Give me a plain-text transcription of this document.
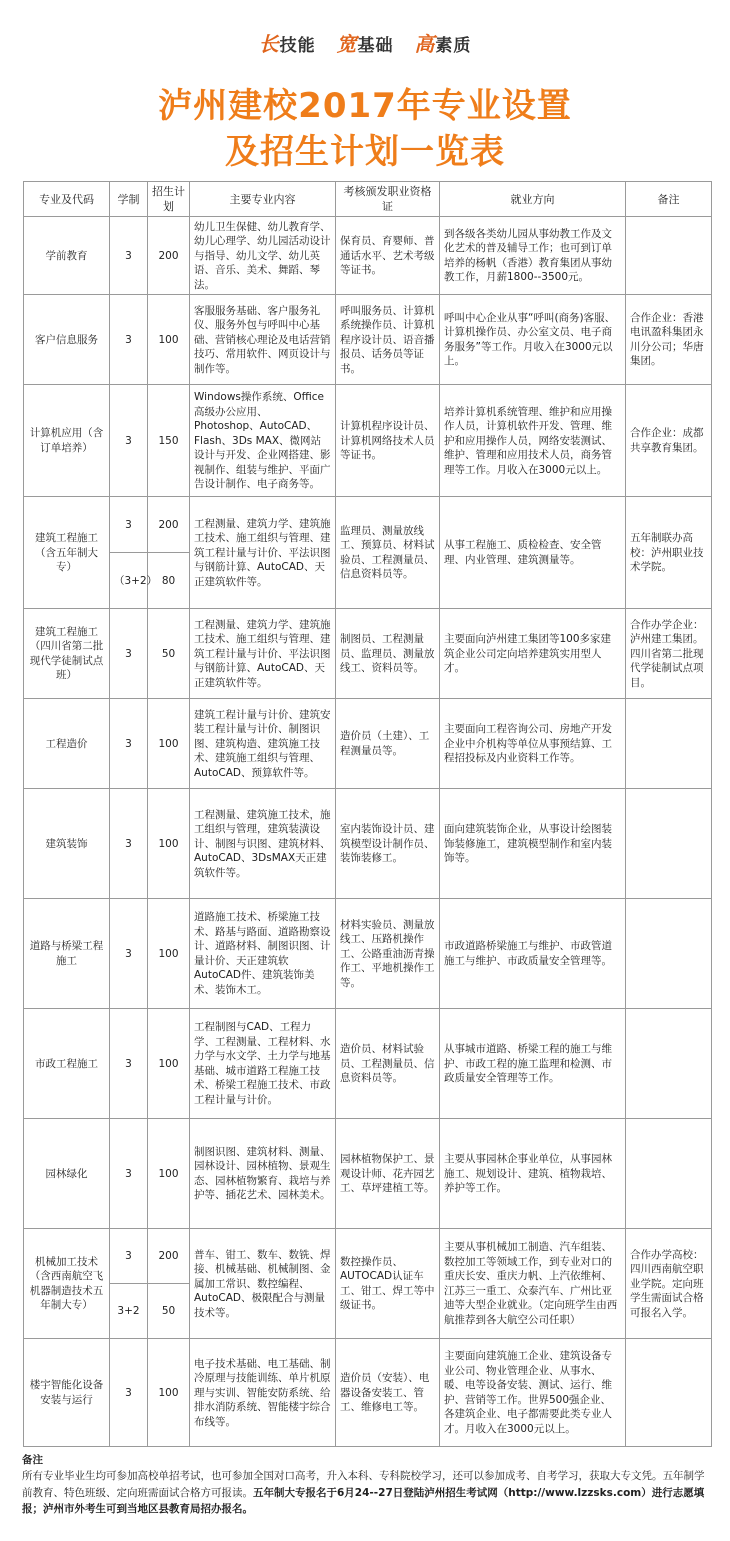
长技能 宽基础 高素质
泸州建校2017年专业设置
及招生计划一览表
专业及代码	学制	招生计划	主要专业内容	考核颁发职业资格证	就业方向	备注
学前教育	3	200	幼儿卫生保健、幼儿教育学、幼儿心理学、幼儿园活动设计与指导、幼儿文学、幼儿英语、音乐、美术、舞蹈、琴法。	保育员、育婴师、普通话水平、艺术考级等证书。	到各级各类幼儿园从事幼教工作及文化艺术的普及辅导工作；也可到订单培养的杨帆（香港）教育集团从事幼教工作，月薪1800--3500元。	
客户信息服务	3	100	客服服务基础、客户服务礼仪、服务外包与呼叫中心基础、营销核心理论及电话营销技巧、常用软件、网页设计与制作等。	呼叫服务员、计算机系统操作员、计算机程序设计员、语音播报员、话务员等证书。	呼叫中心企业从事“呼叫(商务)客服、计算机操作员、办公室文员、电子商务服务”等工作。月收入在3000元以上。	合作企业：香港电讯盈科集团永川分公司；华唐集团。
计算机应用（含订单培养）	3	150	Windows操作系统、Office高级办公应用、Photoshop、AutoCAD、Flash、3Ds MAX、微网站设计与开发、企业网搭建、影视制作、组装与维护、平面广告设计制作、电子商务等。	计算机程序设计员、计算机网络技术人员等证书。	培养计算机系统管理、维护和应用操作人员，计算机软件开发、管理、维护和应用操作人员，网络安装测试、维护、管理和应用技术人员，商务管理等工作。月收入在3000元以上。	合作企业：成都共享教育集团。
建筑工程施工（含五年制大专）	3	200	工程测量、建筑力学、建筑施工技术、施工组织与管理、建筑工程计量与计价、平法识图与钢筋计算、AutoCAD、天正建筑软件等。	监理员、测量放线工、预算员、材料试验员、工程测量员、信息资料员等。	从事工程施工、质检检查、安全管理、内业管理、建筑测量等。	五年制联办高校：泸州职业技术学院。
	（3+2）	80				
建筑工程施工（四川省第二批现代学徒制试点班）	3	50	工程测量、建筑力学、建筑施工技术、施工组织与管理、建筑工程计量与计价、平法识图与钢筋计算、AutoCAD、天正建筑软件等。	制图员、工程测量员、监理员、测量放线工、资料员等。	主要面向泸州建工集团等100多家建筑企业公司定向培养建筑实用型人才。	合作办学企业：泸州建工集团。四川省第二批现代学徒制试点项目。
工程造价	3	100	建筑工程计量与计价、建筑安装工程计量与计价、制图识图、建筑构造、建筑施工技术、建筑施工组织与管理、AutoCAD、预算软件等。	造价员（土建）、工程测量员等。	主要面向工程咨询公司、房地产开发企业中介机构等单位从事预结算、工程招投标及内业资料工作等。	
建筑装饰	3	100	工程测量、建筑施工技术，施工组织与管理，建筑装潢设计、制图与识图、建筑材料、AutoCAD、3DsMAX天正建筑软件等。	室内装饰设计员、建筑模型设计制作员、装饰装修工。	面向建筑装饰企业，从事设计绘图装饰装修施工，建筑模型制作和室内装饰等。	
道路与桥梁工程施工	3	100	道路施工技术、桥梁施工技术、路基与路面、道路勘察设计、道路材料、制图识图、计量计价、天正建筑软AutoCAD件、建筑装饰美术、装饰木工。	材料实验员、测量放线工、压路机操作工、公路重油沥青操作工、平地机操作工等。	市政道路桥梁施工与维护、市政管道施工与维护、市政质量安全管理等。	
市政工程施工	3	100	工程制图与CAD、工程力学、工程测量、工程材料、水力学与水文学、土力学与地基基础、城市道路工程施工技术、桥梁工程施工技术、市政工程计量与计价。	造价员、材料试验员、工程测量员、信息资料员等。	从事城市道路、桥梁工程的施工与维护、市政工程的施工监理和检测、市政质量安全管理等工作。	
园林绿化	3	100	制图识图、建筑材料、测量、园林设计、园林植物、景观生态、园林植物繁育、栽培与养护等、插花艺术、园林美术。	园林植物保护工、景观设计师、花卉园艺工、草坪建植工等。	主要从事园林企事业单位，从事园林施工、规划设计、建筑、植物栽培、养护等工作。	
机械加工技术（含西南航空飞机器制造技术五年制大专）	3	200	普车、钳工、数车、数铣、焊接、机械基础、机械制图、金属加工常识、数控编程、AutoCAD、极限配合与测量技术等。	数控操作员、AUTOCAD认证车工、钳工、焊工等中级证书。	主要从事机械加工制造、汽车组装、数控加工等领域工作，到专业对口的重庆长安、重庆力帆、上汽依维柯、江苏三一重工、众泰汽车、广州比亚迪等大型企业就业。（定向班学生由西航推荐到各大航空公司任职）	合作办学高校：四川西南航空职业学院。定向班学生需面试合格可报名入学。
	3+2	50				
楼宇智能化设备安装与运行	3	100	电子技术基础、电工基础、制冷原理与技能训练、单片机原理与实训、智能安防系统、给排水消防系统、智能楼宇综合布线等。	造价员（安装）、电器设备安装工、管工、维修电工等。	主要面向建筑施工企业、建筑设备专业公司、物业管理企业、从事水、暖、电等设备安装、测试、运行、维护、营销等工作。世界500强企业、各建筑企业、电子都需要此类专业人才。月收入在3000元以上。	
备注
所有专业毕业生均可参加高校单招考试，也可参加全国对口高考，升入本科、专科院校学习，还可以参加成考、自考学习，获取大专文凭。五年制学前教育、特色班级、定向班需面试合格方可报读。五年制大专报名于6月24--27日登陆泸州招生考试网（http://www.lzzsks.com）进行志愿填报；泸州市外考生可到当地区县教育局招办报名。
